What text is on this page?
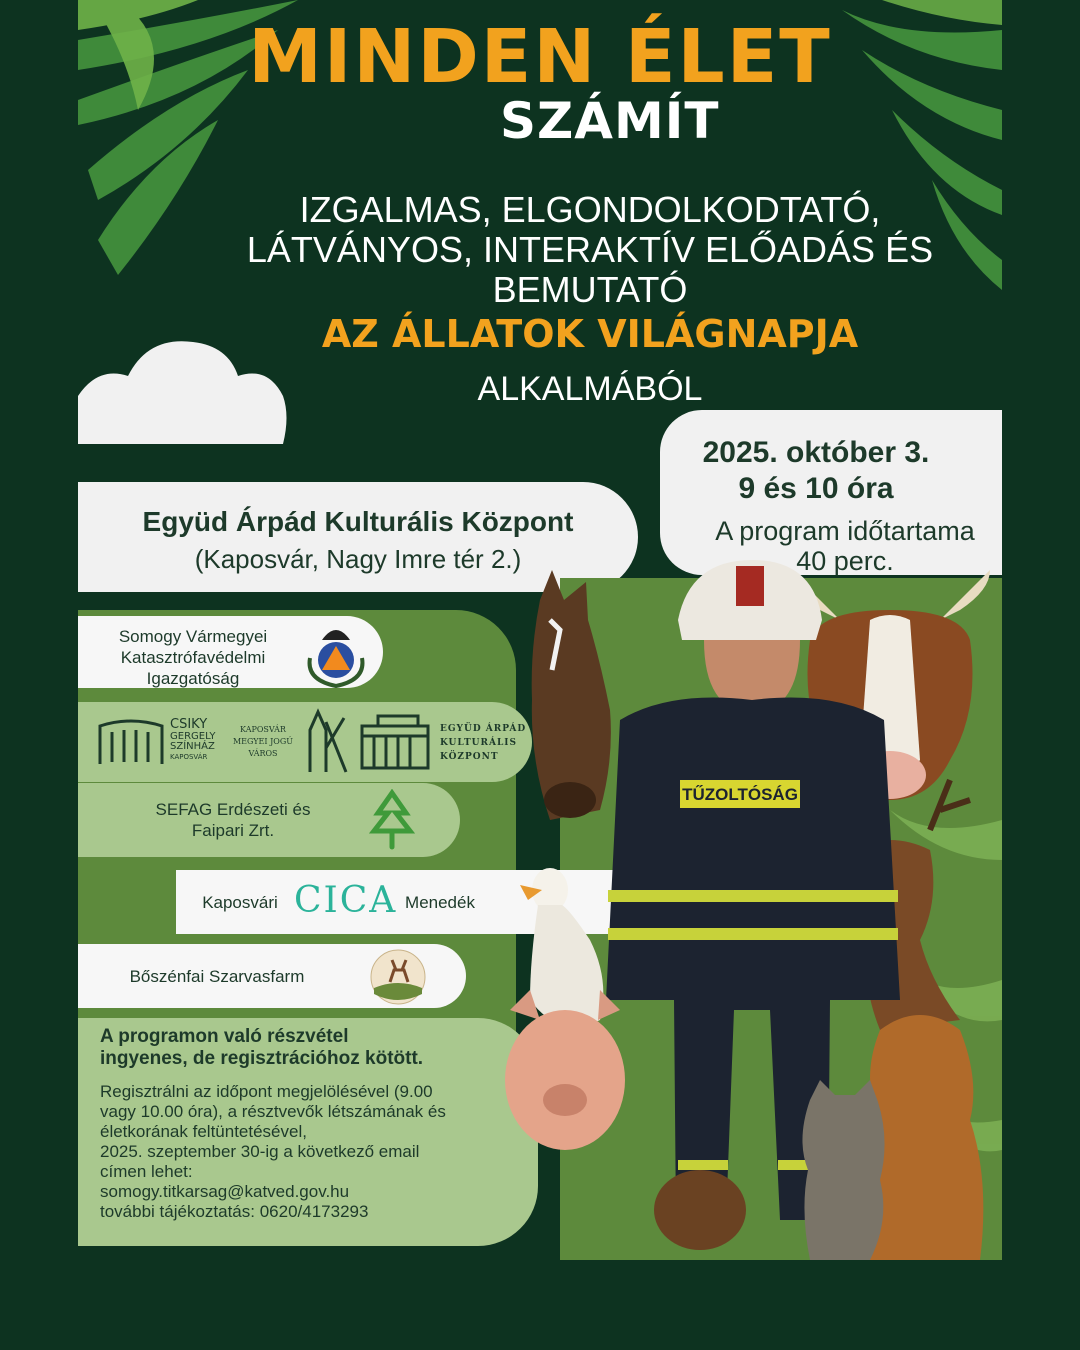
MINDEN ÉLET
SZÁMÍT
IZGALMAS, ELGONDOLKODTATÓ,
LÁTVÁNYOS, INTERAKTÍV ELŐADÁS ÉS
BEMUTATÓ
AZ ÁLLATOK VILÁGNAPJA
ALKALMÁBÓL
2025. október 3.
9 és 10 óra
A program időtartama
40 perc.
Együd Árpád Kulturális Központ
(Kaposvár, Nagy Imre tér 2.)
Somogy Vármegyei
Katasztrófavédelmi
Igazgatóság
CSIKY
GERGELY
SZÍNHÁZ
KAPOSVÁR
KAPOSVÁR
MEGYEI JOGÚ
VÁROS
EGYÜD ÁRPÁD
KULTURÁLIS
KÖZPONT
SEFAG Erdészeti és
Faipari Zrt.
Kaposvári CICA Menedék
Bőszénfai Szarvasfarm
A programon való részvétel
ingyenes, de regisztrációhoz kötött.
Regisztrálni az időpont megjelölésével (9.00
vagy 10.00 óra), a résztvevők létszámának és
életkorának feltüntetésével,
2025. szeptember 30-ig a következő email
címen lehet:
somogy.titkarsag@katved.gov.hu
további tájékoztatás: 0620/4173293
TŰZOLTÓSÁG
